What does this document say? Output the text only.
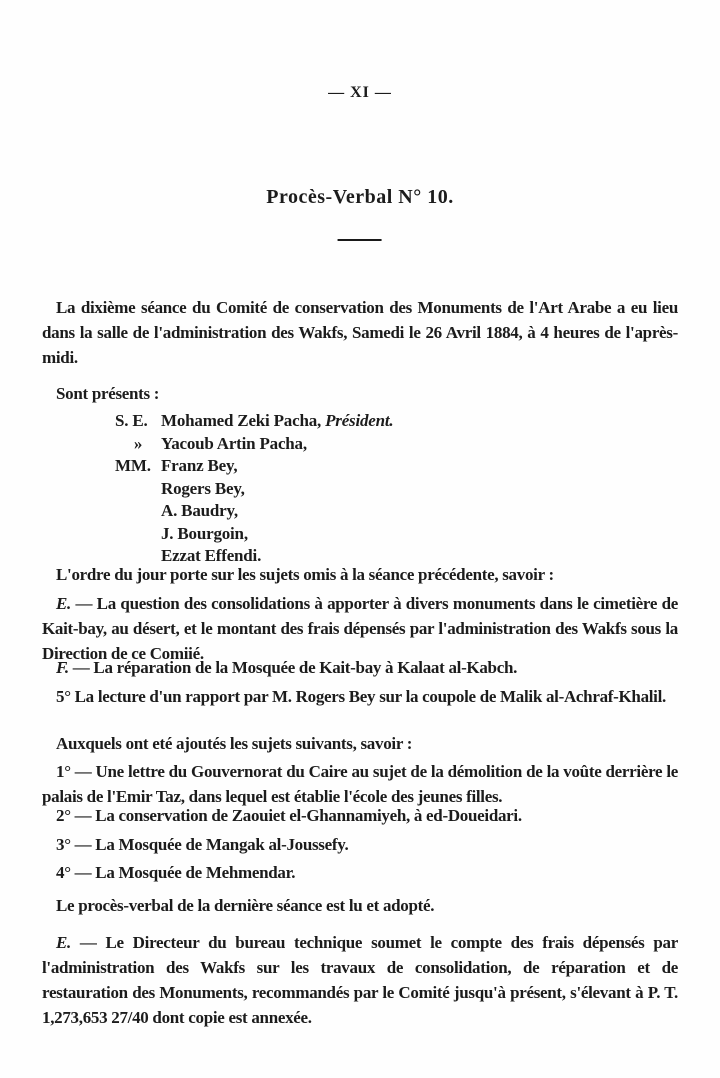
— XI —
Procès-Verbal N° 10.

La dixième séance du Comité de conservation des Monuments de l'Art Arabe a eu lieu dans la salle de l'administration des Wakfs, Samedi le 26 Avril 1884, à 4 heures de l'après-midi.

Sont présents :

S. E. Mohamed Zeki Pacha, Président.
» Yacoub Artin Pacha,
MM. Franz Bey,
Rogers Bey,
A. Baudry,
J. Bourgoin,
Ezzat Effendi.

L'ordre du jour porte sur les sujets omis à la séance précédente, savoir :

E. — La question des consolidations à apporter à divers monuments dans le cimetière de Kait-bay, au désert, et le montant des frais dépensés par l'administration des Wakfs sous la Direction de ce Comiié.

F. — La réparation de la Mosquée de Kait-bay à Kalaat al-Kabch.

5° La lecture d'un rapport par M. Rogers Bey sur la coupole de Malik al-Achraf-Khalil.

Auxquels ont eté ajoutés les sujets suivants, savoir :

1° — Une lettre du Gouvernorat du Caire au sujet de la démolition de la voûte derrière le palais de l'Emir Taz, dans lequel est établie l'école des jeunes filles.

2° — La conservation de Zaouiet el-Ghannamiyeh, à ed-Doueidari.

3° — La Mosquée de Mangak al-Joussefy.

4° — La Mosquée de Mehmendar.

Le procès-verbal de la dernière séance est lu et adopté.

E. — Le Directeur du bureau technique soumet le compte des frais dépensés par l'administration des Wakfs sur les travaux de consolidation, de réparation et de restauration des Monuments, recommandés par le Comité jusqu'à présent, s'élevant à P. T. 1,273,653 27/40 dont copie est annexée.
